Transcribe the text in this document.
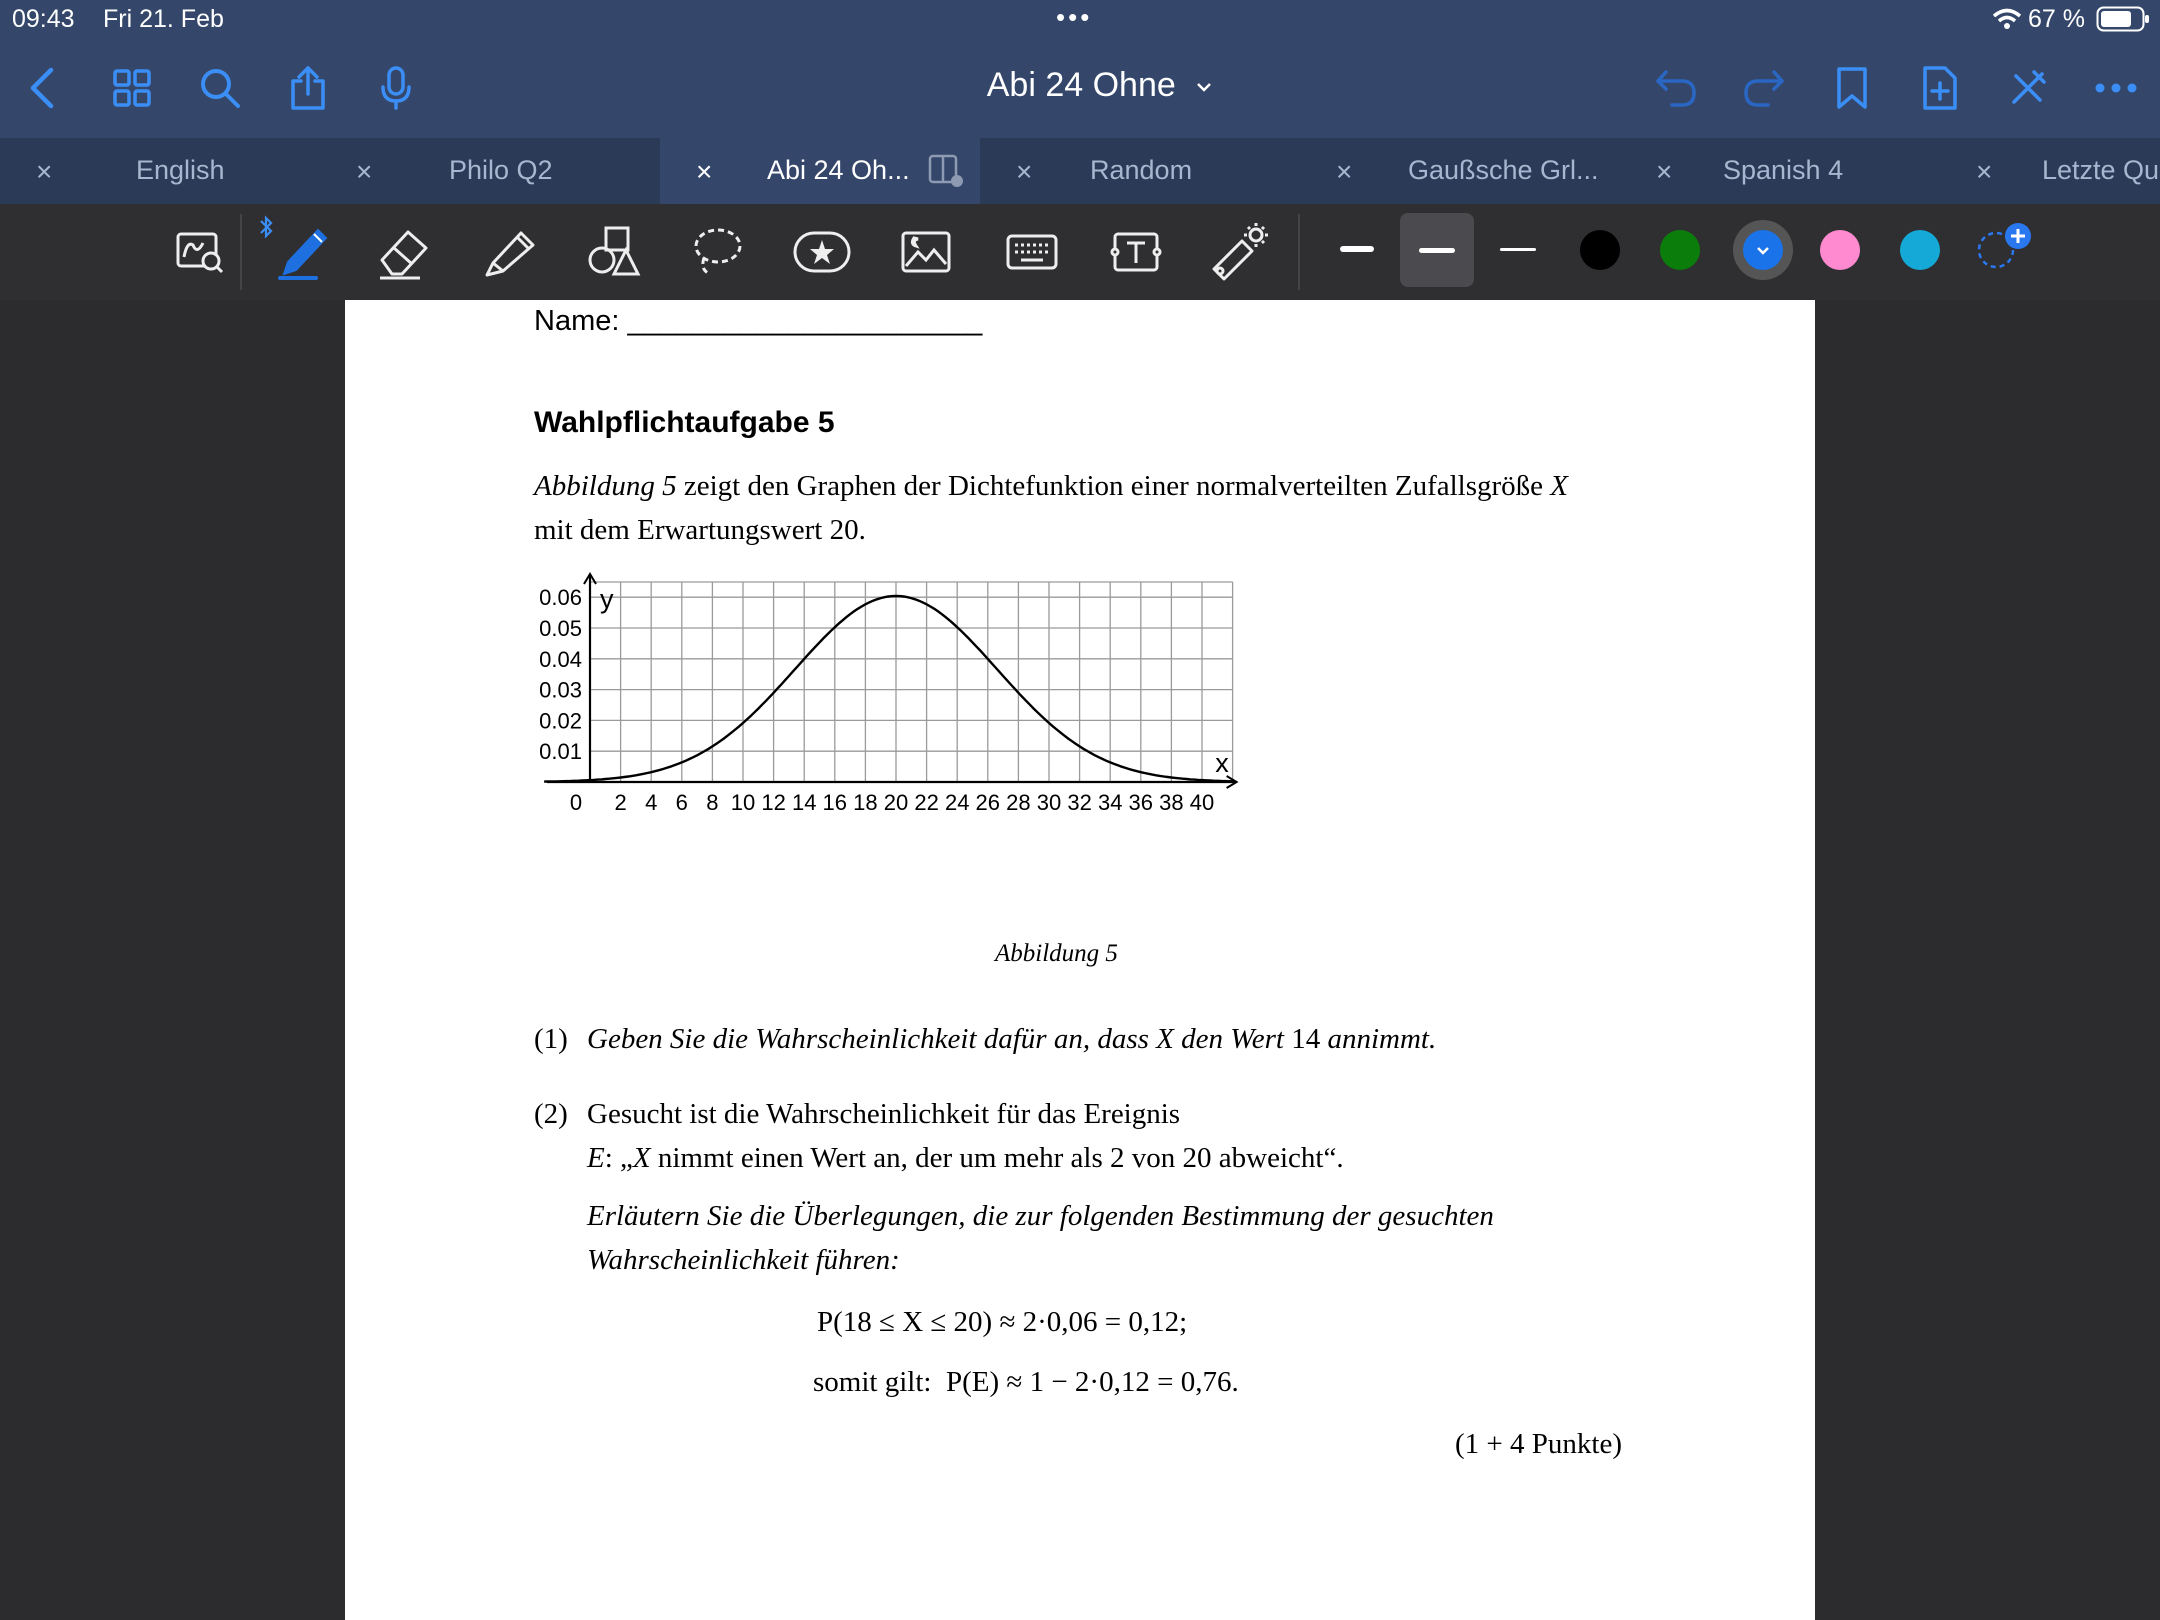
09:43 Fri 21. Feb	•••	67 %
Abi 24 Ohne
×	English	×	Philo Q2	× Abi 24 Oh...	× Random	× Gaußsche Grl... × Spanish 4	× Letzte Qu
Name: ______________________
Wahlpflichtaufgabe 5
Abbildung 5 zeigt den Graphen der Dichtefunktion einer normalverteilten Zufallsgröße X
mit dem Erwartungswert 20.
y
x
0 2 4 6 8 10 12 14 16 18 20 22 24 26 28 30 32 34 36 38 40
0.01
0.02
0.03
0.04
0.05
0.06
Abbildung 5
(1) Geben Sie die Wahrscheinlichkeit dafür an, dass X den Wert 14 annimmt.
(2) Gesucht ist die Wahrscheinlichkeit für das Ereignis
E: „X nimmt einen Wert an, der um mehr als 2 von 20 abweicht“.
Erläutern Sie die Überlegungen, die zur folgenden Bestimmung der gesuchten
Wahrscheinlichkeit führen:
P(18 ≤ X ≤ 20) ≈ 2·0,06 = 0,12;
somit gilt: P(E) ≈ 1 − 2·0,12 = 0,76.
(1 + 4 Punkte)
